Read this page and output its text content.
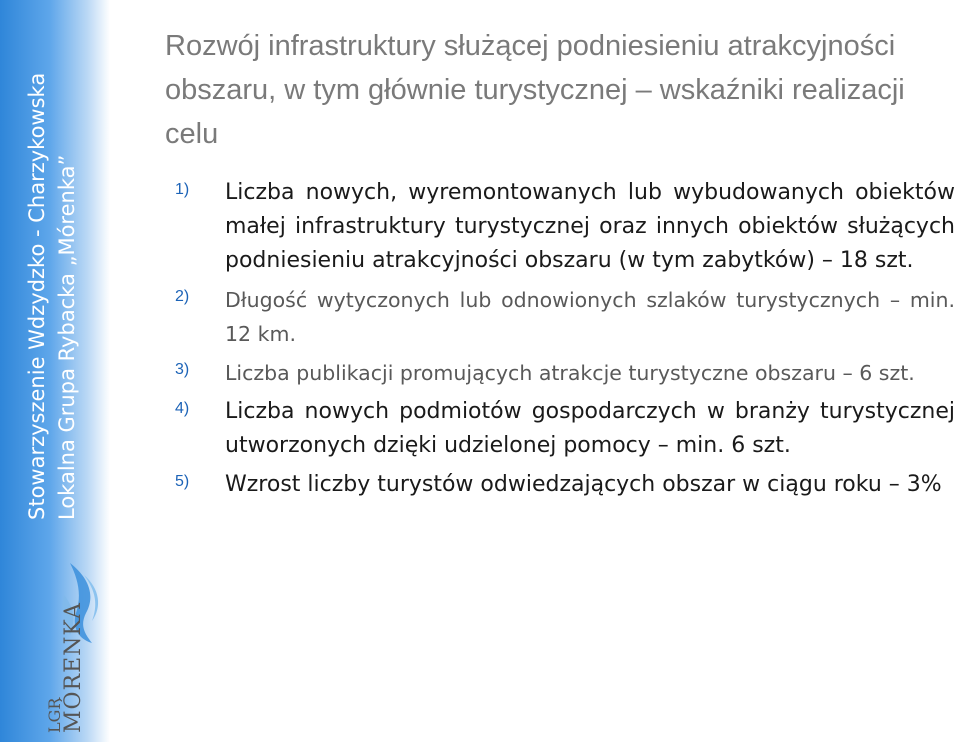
Stowarzyszenie Wdzydzko - Charzykowska Lokalna Grupa Rybacka „Mórenka”
MÓRENKA
LGR
Rozwój infrastruktury służącej podniesieniu atrakcyjności obszaru, w tym głównie turystycznej – wskaźniki realizacji celu
1) Liczba nowych, wyremontowanych lub wybudowanych obiektów małej infrastruktury turystycznej oraz innych obiektów służących podniesieniu atrakcyjności obszaru (w tym zabytków) – 18 szt.
2) Długość wytyczonych lub odnowionych szlaków turystycznych – min. 12 km.
3) Liczba publikacji promujących atrakcje turystyczne obszaru – 6 szt.
4) Liczba nowych podmiotów gospodarczych w branży turystycznej utworzonych dzięki udzielonej pomocy – min. 6 szt.
5) Wzrost liczby turystów odwiedzających obszar w ciągu roku – 3%
